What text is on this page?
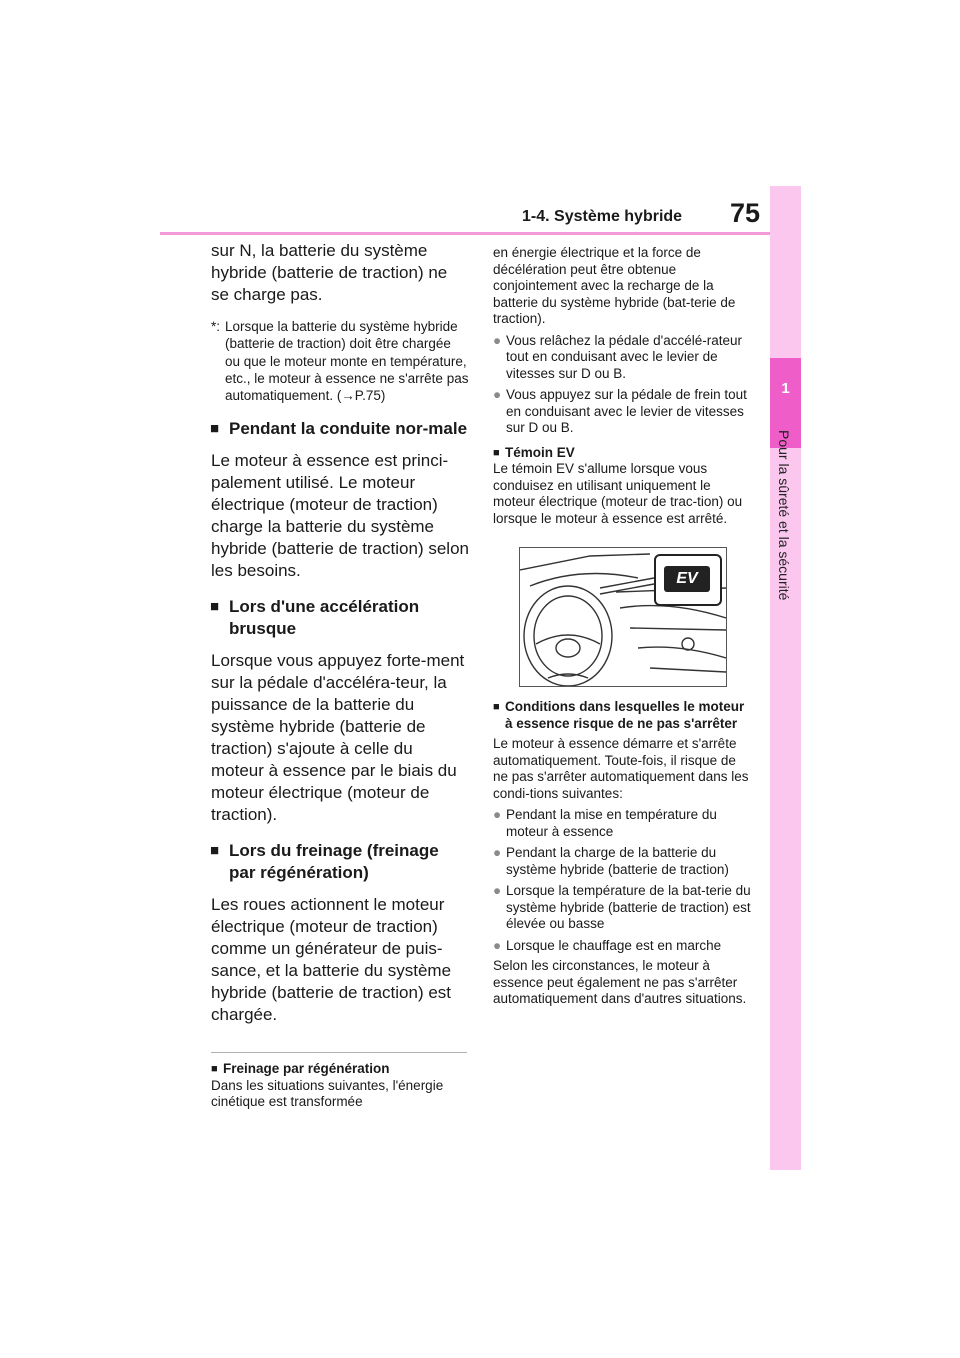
1-4. Système hybride 75
1
Pour la sûreté et la sécurité

sur N, la batterie du système hybride (batterie de traction) ne se charge pas.

*: Lorsque la batterie du système hybride (batterie de traction) doit être chargée ou que le moteur monte en température, etc., le moteur à essence ne s'arrête pas automatiquement. (→P.75)

■ Pendant la conduite nor-male

Le moteur à essence est princi-palement utilisé. Le moteur électrique (moteur de traction) charge la batterie du système hybride (batterie de traction) selon les besoins.

■ Lors d'une accélération brusque

Lorsque vous appuyez forte-ment sur la pédale d'accéléra-teur, la puissance de la batterie du système hybride (batterie de traction) s'ajoute à celle du moteur à essence par le biais du moteur électrique (moteur de traction).

■ Lors du freinage (freinage par régénération)

Les roues actionnent le moteur électrique (moteur de traction) comme un générateur de puis-sance, et la batterie du système hybride (batterie de traction) est chargée.

■ Freinage par régénération

Dans les situations suivantes, l'énergie cinétique est transformée

en énergie électrique et la force de décélération peut être obtenue conjointement avec la recharge de la batterie du système hybride (bat-terie de traction).

● Vous relâchez la pédale d'accélé-rateur tout en conduisant avec le levier de vitesses sur D ou B.
● Vous appuyez sur la pédale de frein tout en conduisant avec le levier de vitesses sur D ou B.
■ Témoin EV

Le témoin EV s'allume lorsque vous conduisez en utilisant uniquement le moteur électrique (moteur de trac-tion) ou lorsque le moteur à essence est arrêté.

EV
■ Conditions dans lesquelles le moteur à essence risque de ne pas s'arrêter

Le moteur à essence démarre et s'arrête automatiquement. Toute-fois, il risque de ne pas s'arrêter automatiquement dans les condi-tions suivantes:

● Pendant la mise en température du moteur à essence
● Pendant la charge de la batterie du système hybride (batterie de traction)
● Lorsque la température de la bat-terie du système hybride (batterie de traction) est élevée ou basse
● Lorsque le chauffage est en marche

Selon les circonstances, le moteur à essence peut également ne pas s'arrêter automatiquement dans d'autres situations.
